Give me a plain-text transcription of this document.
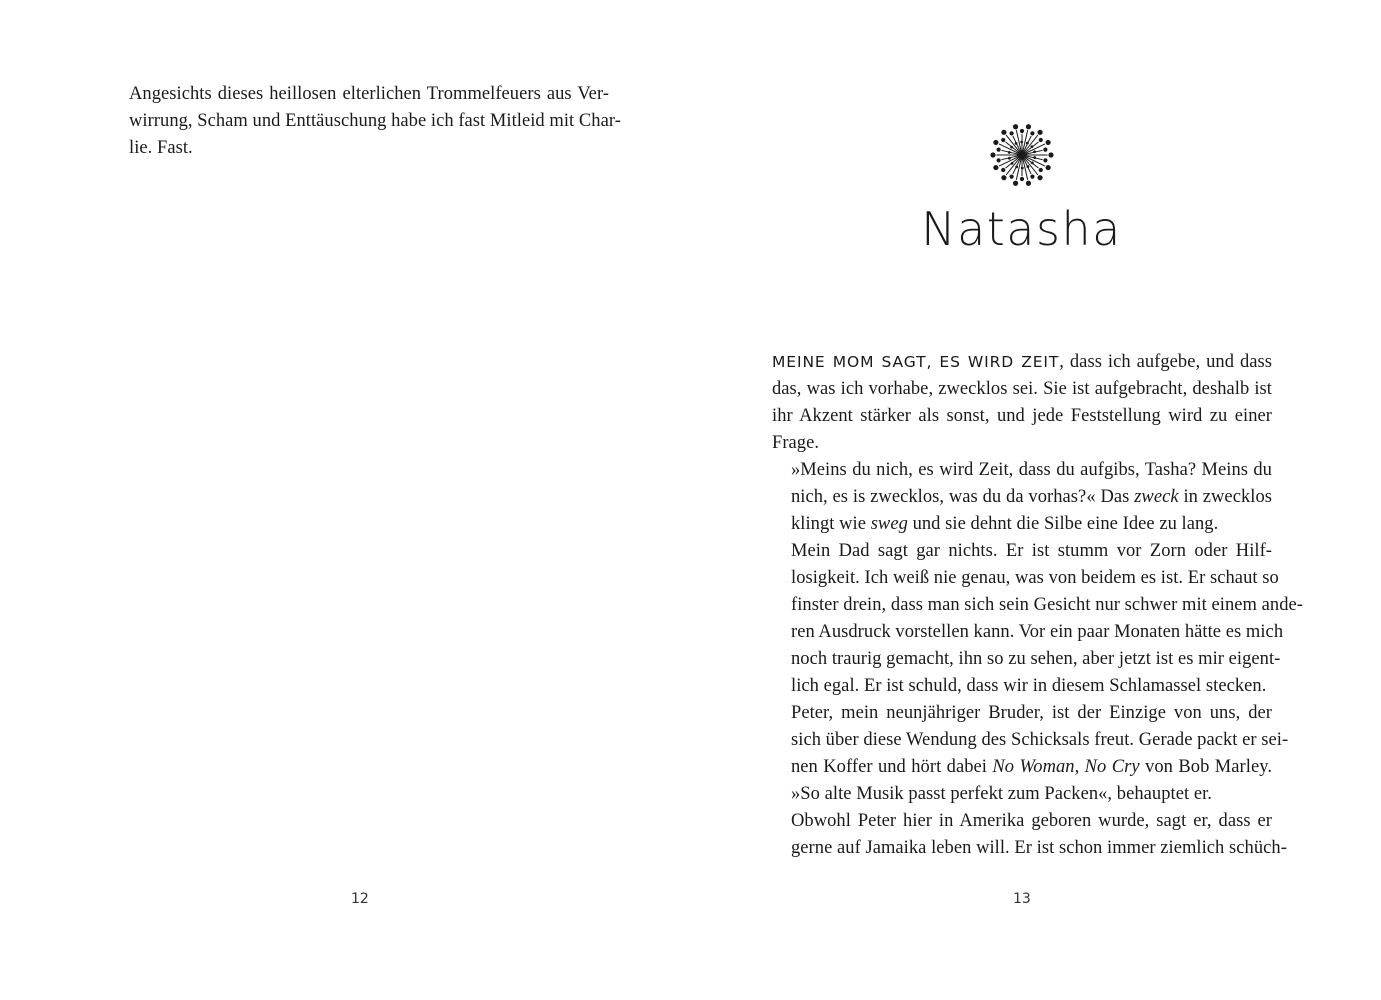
Angesichts dieses heillosen elterlichen Trommelfeuers aus Ver-
wirrung, Scham und Enttäuschung habe ich fast Mitleid mit Char-
lie. Fast.

12
Natasha

MEINE MOM SAGT, ES WIRD ZEIT, dass ich aufgebe, und dass
das, was ich vorhabe, zwecklos sei. Sie ist aufgebracht, deshalb ist
ihr Akzent stärker als sonst, und jede Feststellung wird zu einer
Frage.

»Meins du nich, es wird Zeit, dass du aufgibs, Tasha? Meins du
nich, es is zwecklos, was du da vorhas?« Das zweck in zwecklos
klingt wie sweg und sie dehnt die Silbe eine Idee zu lang.

Mein Dad sagt gar nichts. Er ist stumm vor Zorn oder Hilf-
losigkeit. Ich weiß nie genau, was von beidem es ist. Er schaut so
finster drein, dass man sich sein Gesicht nur schwer mit einem ande-
ren Ausdruck vorstellen kann. Vor ein paar Monaten hätte es mich
noch traurig gemacht, ihn so zu sehen, aber jetzt ist es mir eigent-
lich egal. Er ist schuld, dass wir in diesem Schlamassel stecken.

Peter, mein neunjähriger Bruder, ist der Einzige von uns, der
sich über diese Wendung des Schicksals freut. Gerade packt er sei-
nen Koffer und hört dabei No Woman, No Cry von Bob Marley.
»So alte Musik passt perfekt zum Packen«, behauptet er.

Obwohl Peter hier in Amerika geboren wurde, sagt er, dass er
gerne auf Jamaika leben will. Er ist schon immer ziemlich schüch-

13
